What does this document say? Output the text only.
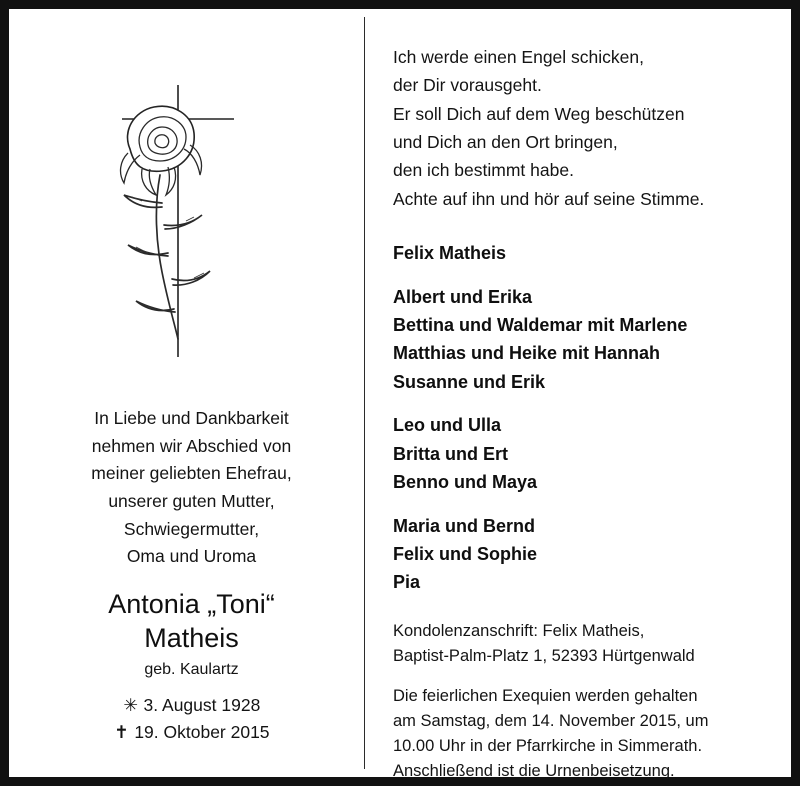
In Liebe und Dankbarkeit
nehmen wir Abschied von
meiner geliebten Ehefrau,
unserer guten Mutter,
Schwiegermutter,
Oma und Uroma
Antonia „Toni“
Matheis
geb. Kaulartz
✳ 3. August 1928
✝ 19. Oktober 2015
Ich werde einen Engel schicken,
der Dir vorausgeht.
Er soll Dich auf dem Weg beschützen
und Dich an den Ort bringen,
den ich bestimmt habe.
Achte auf ihn und hör auf seine Stimme.
Felix Matheis
Albert und Erika
Bettina und Waldemar mit Marlene
Matthias und Heike mit Hannah
Susanne und Erik
Leo und Ulla
Britta und Ert
Benno und Maya
Maria und Bernd
Felix und Sophie
Pia
Kondolenzanschrift: Felix Matheis,
Baptist-Palm-Platz 1, 52393 Hürtgenwald
Die feierlichen Exequien werden gehalten
am Samstag, dem 14. November 2015, um
10.00 Uhr in der Pfarrkirche in Simmerath.
Anschließend ist die Urnenbeisetzung.
